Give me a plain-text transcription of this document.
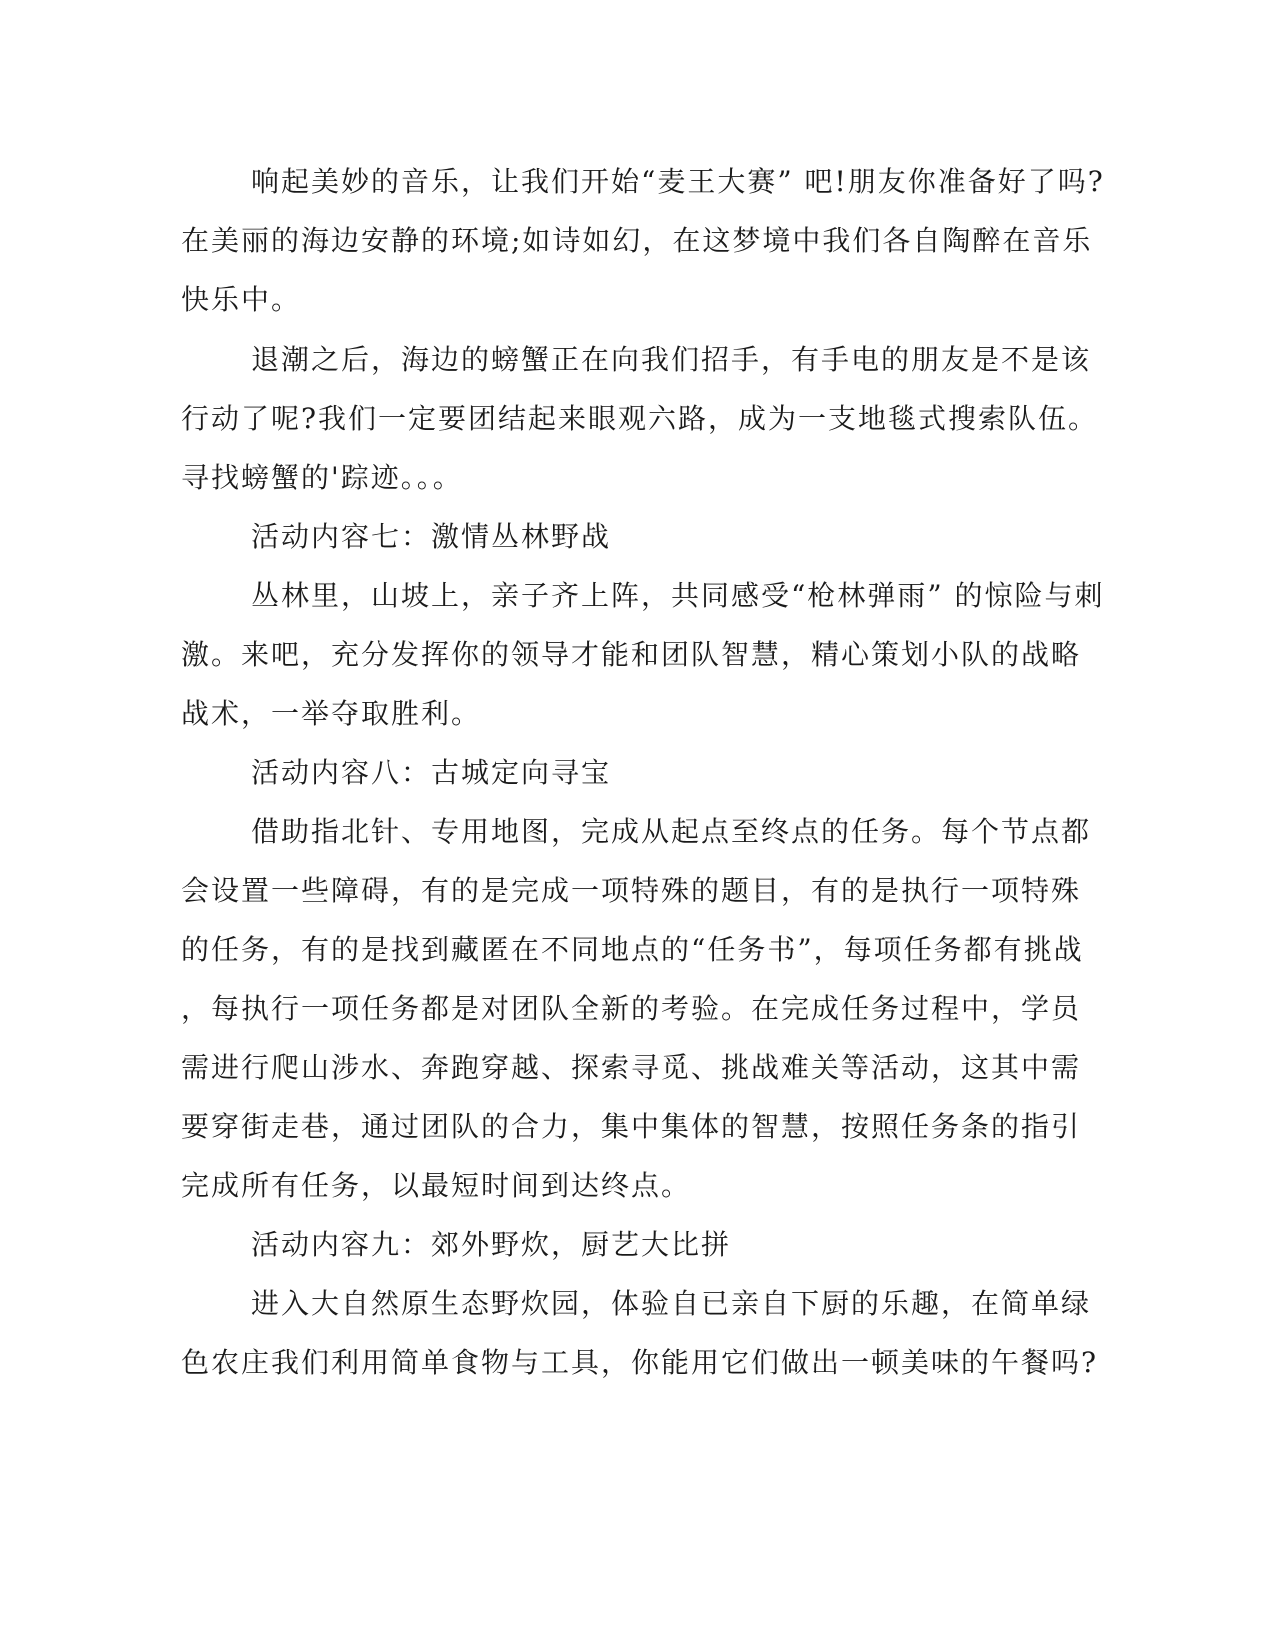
响起美妙的音乐，让我们开始“麦王大赛” 吧!朋友你准备好了吗?

在美丽的海边安静的环境;如诗如幻，在这梦境中我们各自陶醉在音乐

快乐中。

退潮之后，海边的螃蟹正在向我们招手，有手电的朋友是不是该

行动了呢?我们一定要团结起来眼观六路，成为一支地毯式搜索队伍。

寻找螃蟹的'踪迹。。。

活动内容七：激情丛林野战

丛林里，山坡上，亲子齐上阵，共同感受“枪林弹雨” 的惊险与刺

激。来吧，充分发挥你的领导才能和团队智慧，精心策划小队的战略

战术，一举夺取胜利。

活动内容八：古城定向寻宝

借助指北针、专用地图，完成从起点至终点的任务。每个节点都

会设置一些障碍，有的是完成一项特殊的题目，有的是执行一项特殊

的任务，有的是找到藏匿在不同地点的“任务书”，每项任务都有挑战

，每执行一项任务都是对团队全新的考验。在完成任务过程中，学员

需进行爬山涉水、奔跑穿越、探索寻觅、挑战难关等活动，这其中需

要穿街走巷，通过团队的合力，集中集体的智慧，按照任务条的指引

完成所有任务，以最短时间到达终点。

活动内容九：郊外野炊，厨艺大比拼

进入大自然原生态野炊园，体验自已亲自下厨的乐趣，在简单绿

色农庄我们利用简单食物与工具，你能用它们做出一顿美味的午餐吗?
